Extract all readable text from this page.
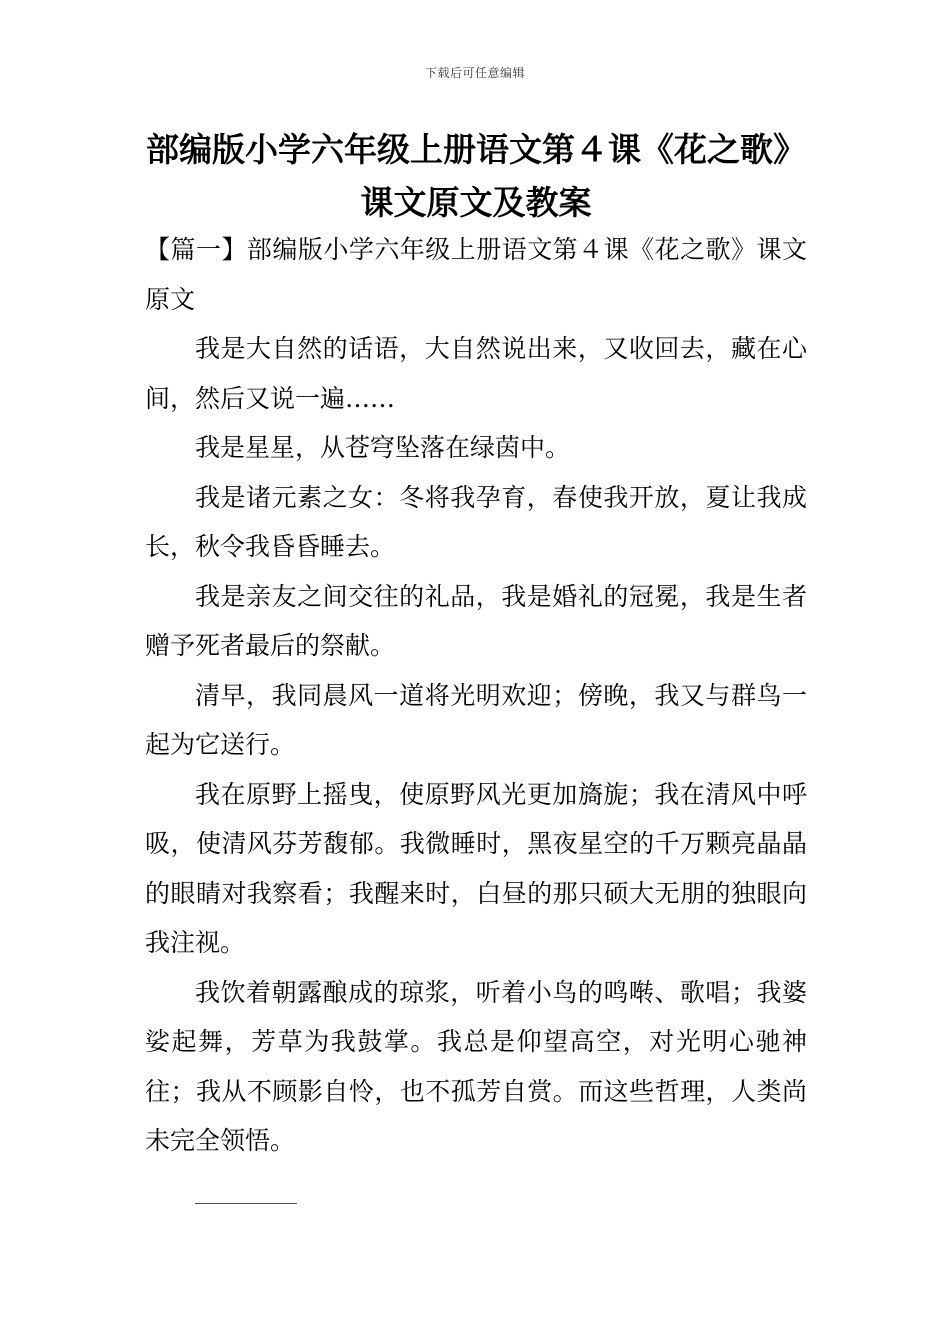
下载后可任意编辑
部编版小学六年级上册语文第４课《花之歌》课文原文及教案

【篇一】部编版小学六年级上册语文第４课《花之歌》课文原文

我是大自然的话语，大自然说出来，又收回去，藏在心间，然后又说一遍……

我是星星，从苍穹坠落在绿茵中。

我是诸元素之女：冬将我孕育，春使我开放，夏让我成长，秋令我昏昏睡去。

我是亲友之间交往的礼品，我是婚礼的冠冕，我是生者赠予死者最后的祭献。

清早，我同晨风一道将光明欢迎；傍晚，我又与群鸟一起为它送行。

我在原野上摇曳，使原野风光更加旖旎；我在清风中呼吸，使清风芬芳馥郁。我微睡时，黑夜星空的千万颗亮晶晶的眼睛对我察看；我醒来时，白昼的那只硕大无朋的独眼向我注视。

我饮着朝露酿成的琼浆，听着小鸟的鸣啭、歌唱；我婆娑起舞，芳草为我鼓掌。我总是仰望高空，对光明心驰神往；我从不顾影自怜，也不孤芳自赏。而这些哲理，人类尚未完全领悟。
